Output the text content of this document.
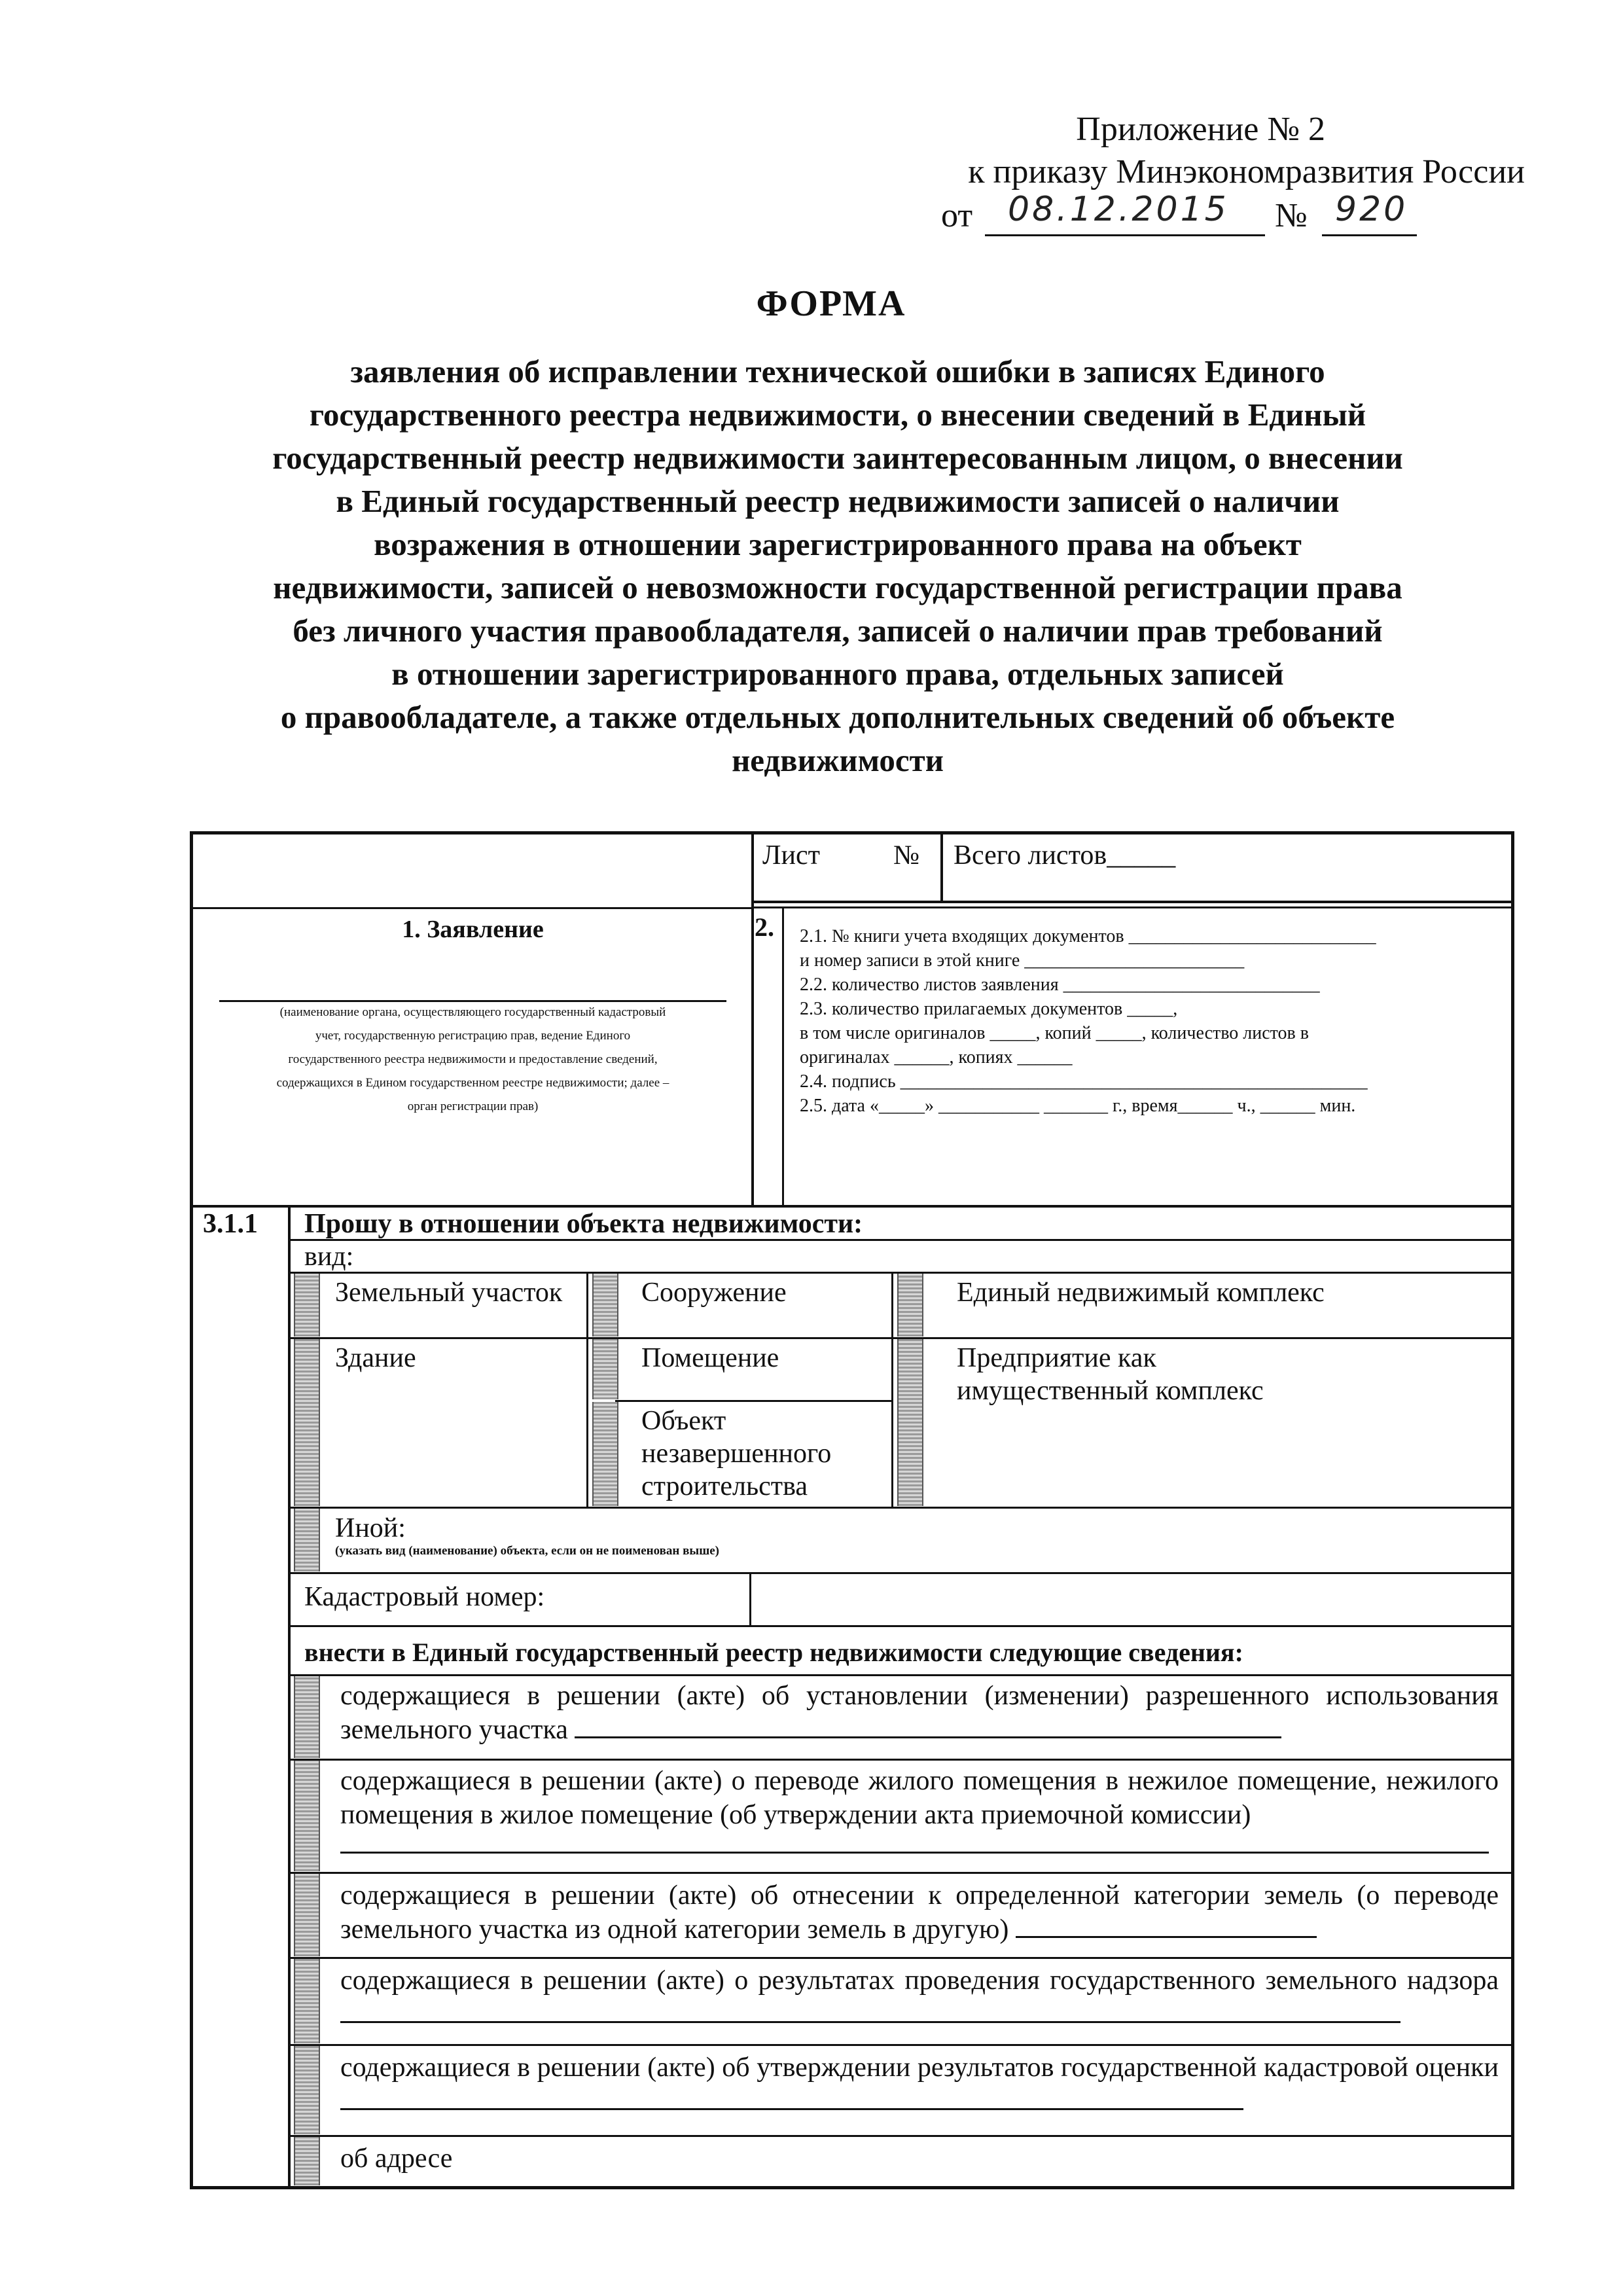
Приложение № 2
к приказу Минэкономразвития России
от 08.12.2015 № 920
ФОРМА
заявления об исправлении технической ошибки в записях Единого
государственного реестра недвижимости, о внесении сведений в Единый
государственный реестр недвижимости заинтересованным лицом, о внесении
в Единый государственный реестр недвижимости записей о наличии
возражения в отношении зарегистрированного права на объект
недвижимости, записей о невозможности государственной регистрации права
без личного участия правообладателя, записей о наличии прав требований
в отношении зарегистрированного права, отдельных записей
о правообладателе, а также отдельных дополнительных сведений об объекте
недвижимости
Лист	№ Всего листов_____
1. Заявление
(наименование органа, осуществляющего государственный кадастровый
учет, государственную регистрацию прав, ведение Единого
государственного реестра недвижимости и предоставление сведений,
содержащихся в Едином государственном реестре недвижимости; далее –
орган регистрации прав)
2. 2.1. № книги учета входящих документов ___________________________
и номер записи в этой книге ________________________
2.2. количество листов заявления ____________________________
2.3. количество прилагаемых документов _____,
в том числе оригиналов _____, копий _____, количество листов в
оригиналах ______, копиях ______
2.4. подпись ___________________________________________________
2.5. дата «_____» ___________ _______ г., время______ ч., ______ мин.
3.1.1 Прошу в отношении объекта недвижимости:
вид:
Земельный участок	Сооружение	Единый недвижимый комплекс
Здание	Помещение	Предприятие как имущественный комплекс
Объект незавершенного строительства
Иной:
(указать вид (наименование) объекта, если он не поименован выше)
Кадастровый номер:
внести в Единый государственный реестр недвижимости следующие сведения:
содержащиеся в решении (акте) об установлении (изменении) разрешенного использования земельного участка
содержащиеся в решении (акте) о переводе жилого помещения в нежилое помещение, нежилого помещения в жилое помещение (об утверждении акта приемочной комиссии)
содержащиеся в решении (акте) об отнесении к определенной категории земель (о переводе земельного участка из одной категории земель в другую)
содержащиеся в решении (акте) о результатах проведения государственного земельного надзора
содержащиеся в решении (акте) об утверждении результатов государственной кадастровой оценки
об адресе
